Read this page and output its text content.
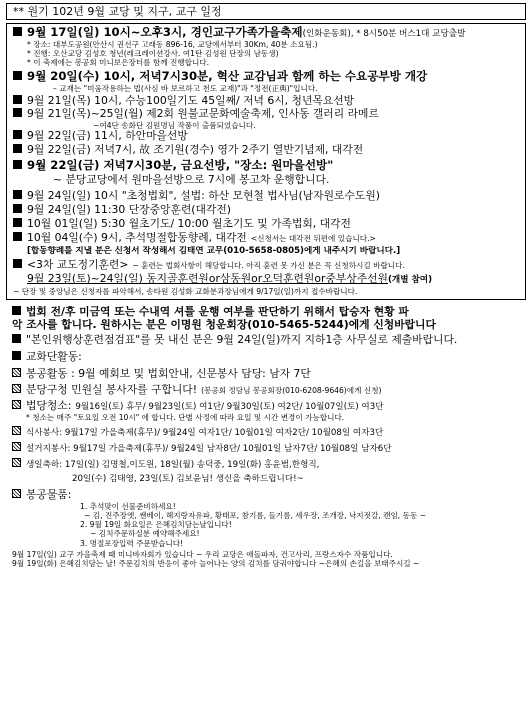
** 원기 102년 9월 교당 및 지구, 교구 일정
9월 17일(일) 10시~오후3시, 경인교구가족가을축제 (인화운동회), * 8시50분 버스1대 교당출발
* 장소: 대부도공원(안산시 권선구 고래동 896-16, 교당에서부터 30Km, 40분 소요됨.)
* 진행: 오산교당 김성호 청년(레크레이션강사. 여1탄 김성원 단장의 남동생)
* 이 축제에는 봉공회 미니보은장터를 함께 진행합니다.
9월 20일(수) 10시, 저녁7시30분, 혁산 교감님과 함께 하는 수요공부방 개강
– 교재는 "미움작용하는 법(사심 바 보르하고 천도 교재)"과 "정전(正典)"입니다.
9월 21일(목) 10시, 수능100일기도 45일째/ 저녁 6시, 청년목요선방
9월 21일(목)~25일(월) 제2회 원불교문화예술축제, 인사동 갤러리 라메르
~여4단 송화단 김원명님 작품이 출품되었습니다.
9월 22일(금) 11시, 하안마을선방
9월 22일(금) 저녁7시, 故 조기원(경수) 영가 2주기 열반기념제, 대각전
9월 22일(금) 저녁7시30분, 금요선방, "장소: 원마을선방"
~ 분당교당에서 원마을선방으로 7시에 봉고차 운행합니다.
9월 24일(일) 10시 "초청법회", 설법: 하산 모현철 법사님(남자원로수도원)
9월 24일(일) 11:30 단장중앙훈련(대각전)
10월 01일(일) 5:30 월초기도/ 10:00 월초기도 및 가족법회, 대각전
10월 04일(수) 9시, 추석명절합동향례, 대각전 <신청서는 대각전 뒤편에 있습니다.>
[합동향례를 지낼 분은 신청서 작성해서 김태연 교무(010-5658-0805)에게 내주시기 바랍니다.]
<3차 교도정기훈련> ~ 훈련는 법회사항이 해당합니다. 아직 훈련 못 가신 분은 꼭 신청하시길 바랍니다.
9월 23일(토)~24일(일) 동지골훈련원or삼동원or오덕훈련원or중부상주선원 (개별 참여)
~ 단장 및 중앙님은 신청자를 파악해서, 송타원 김성화 교화분과장님에게 9/17일(일)까지 접수바랍니다.
법회 전/후 미금역 또는 수내역 셔틀 운행 여부를 판단하기 위해서 탑승자 현황 파
악 조사를 합니다. 원하시는 분은 이명원 청운회장(010-5465-5244)에게 신청바랍니다
"본인위행상훈련점검표"를 못 내신 분은 9월 24일(일)까지 지하1층 사무실로 제출바랍니다.
교화단활동:
봉공활동 : 9월 예회보 및 법회안내, 신문봉사 담당: 남자 7단
분당구청 민원실 봉사자를 구합니다! (봉공회 정담님 봉공회장(010-6208-9646)에게 신청)
법당청소: 9월16일(토) 휴무/ 9월23일(토) 여1단/ 9월30일(토) 여2단/ 10월07일(토) 여3단
* 청소는 매주 "토요일 오전 10시" 에 합니다. 단별 사정에 따라 요일 및 시간 변경이 가능합니다.
식사봉사: 9월17일 가을축제(휴무)/ 9월24일 여자1단/ 10월01일 여자2단/ 10월08일 여자3단
설거지봉사: 9월17일 가을축제(휴무)/ 9월24일 남자8단/ 10월01일 남자7단/ 10월08일 남자6단
생일축하: 17일(일) 김명철,이도원, 18일(월) 송덕중, 19일(화) 홍윤범,한형직,
20일(수) 김태영, 23일(토) 김보윤님! 생신을 축하드립니다!~
봉공물품:
1. 추석맞이 선물준비하세요!
~ 김, 진주장엣, 쌘베이, 헤지랑자유파, 황태포, 참기름, 들기름, 세우장, 조개장, 낙지젓갈, 캔임, 동동 ~
2. 9월 19일 화요일은 은혜김치담는날입니다!
~ 김치주문하실분 예약해주세요!
3. 명절포장입력 주문받습니다!
9월 17일(일) 교구 가을축제 때 미니바자회가 있습니다 ~ 우리 교당은 애들파자, 건고사리, 프랑스자수 작품입니다.
9월 19일(화) 은혜김치담는 날! 주문김치의 반응이 좋아 늘어나는 양의 김치를 담궈야합니다 ~은혜의 손길을 보태주시길 ~
